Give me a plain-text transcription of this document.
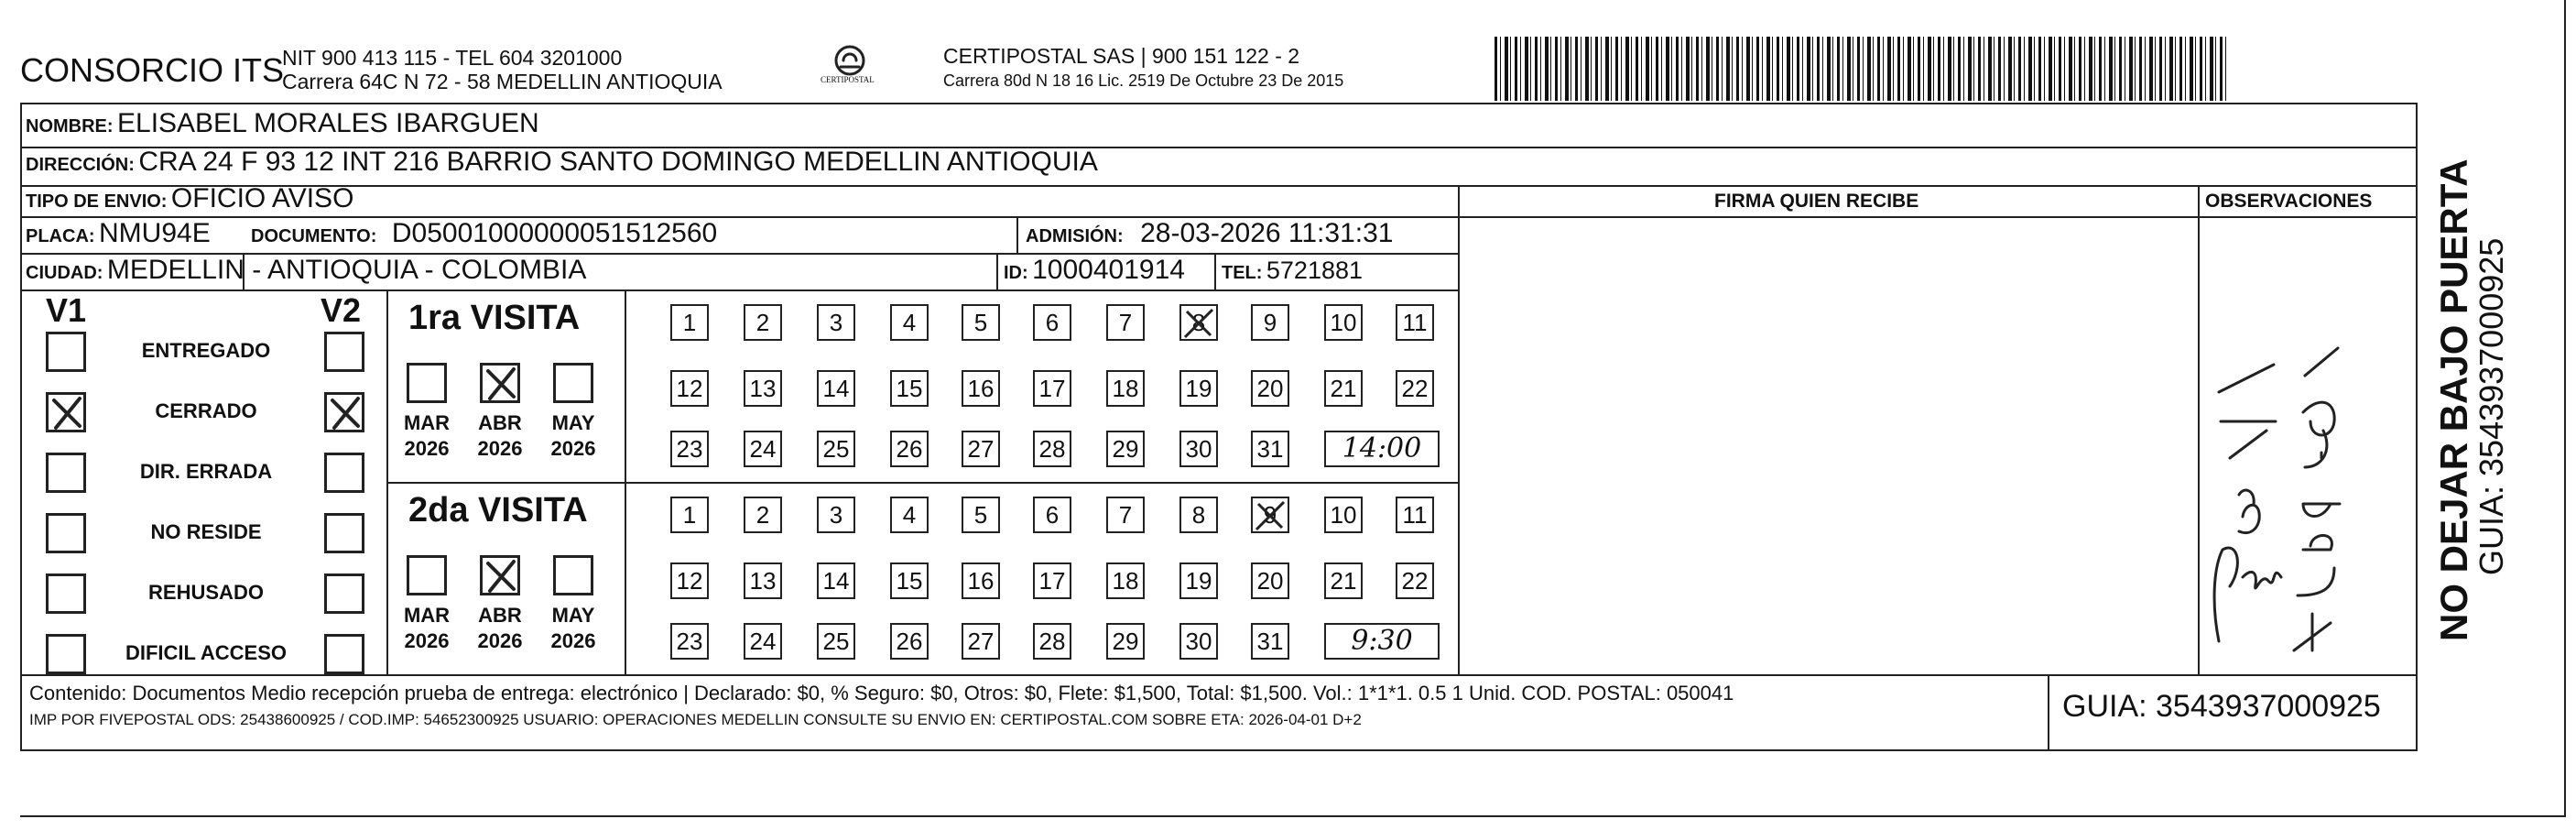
CONSORCIO ITS
NIT 900 413 115 - TEL 604 3201000
Carrera 64C N 72 - 58 MEDELLIN ANTIOQUIA	CERTIPOSTAL
CERTIPOSTAL SAS | 900 151 122 - 2
Carrera 80d N 18 16 Lic. 2519 De Octubre 23 De 2015
NOMBRE: ELISABEL MORALES IBARGUEN
DIRECCIÓN: CRA 24 F 93 12 INT 216 BARRIO SANTO DOMINGO MEDELLIN ANTIOQUIA
TIPO DE ENVIO: OFICIO AVISO
PLACA: NMU94E DOCUMENTO: D05001000000051512560	ADMISIÓN: 28-03-2026 11:31:31
CIUDAD: MEDELLIN - ANTIOQUIA - COLOMBIA	ID: 1000401914 TEL: 5721881
FIRMA QUIEN RECIBE	OBSERVACIONES
V1	V2
ENTREGADO
CERRADO
DIR. ERRADA
NO RESIDE
REHUSADO
DIFICIL ACCESO
1ra VISITA
2da VISITA
MAR
2026
ABR
2026
MAY
2026
1	2	3	4	5	6	7	8	9	10 11
12 13 14 15 16 17 18 19 20 21 22
23 24 25 26 27 28 29 30 31	14:00
MAR
2026
ABR
2026
MAY
2026
1	2	3	4	5	6	7	8	9	10 11
12 13 14 15 16 17 18 19 20 21 22
23 24 25 26 27 28 29 30 31	9:30
Contenido: Documentos Medio recepción prueba de entrega: electrónico | Declarado: $0, % Seguro: $0, Otros: $0, Flete: $1,500, Total: $1,500. Vol.: 1*1*1. 0.5 1 Unid. COD. POSTAL: 050041
IMP POR FIVEPOSTAL ODS: 25438600925 / COD.IMP: 54652300925 USUARIO: OPERACIONES MEDELLIN CONSULTE SU ENVIO EN: CERTIPOSTAL.COM SOBRE ETA: 2026-04-01 D+2	GUIA: 3543937000925
NO DEJAR BAJO PUERTA
GUIA: 3543937000925
